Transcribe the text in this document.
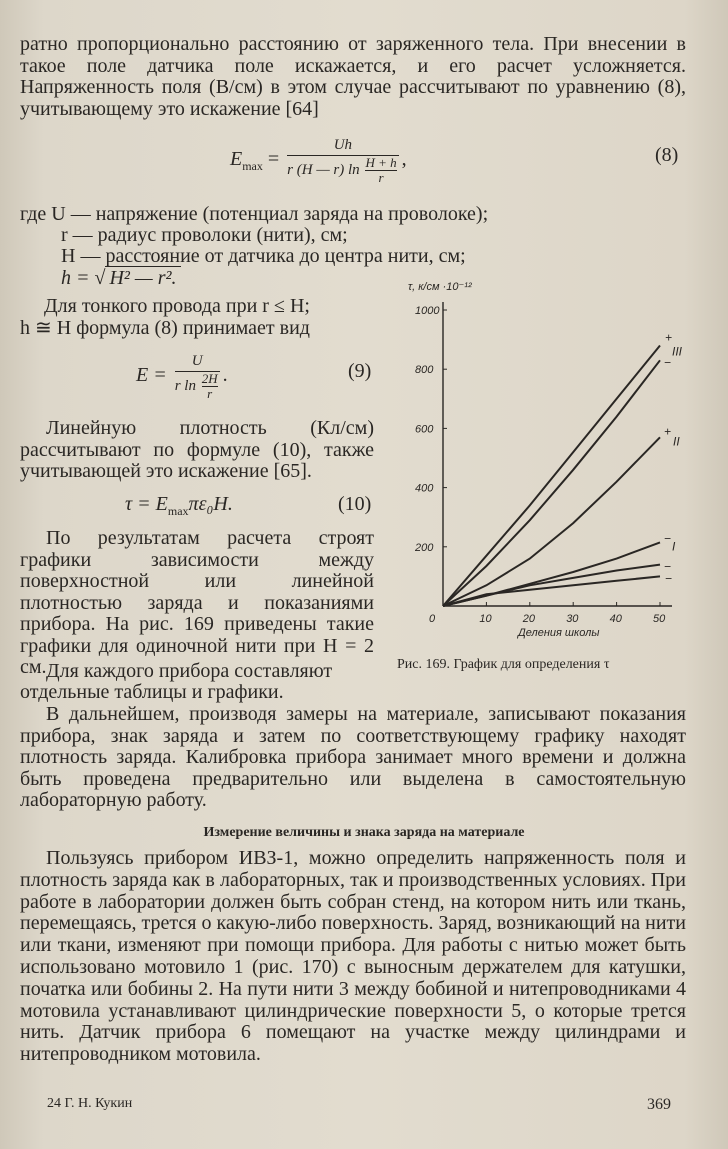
ратно пропорционально расстоянию от заряженного тела. При внесении в такое поле датчика поле искажается, и его расчет усложняется. Напряженность поля (В/см) в этом случае рассчитывают по уравнению (8), учитывающему это искажение [64]
$E_{max} = \frac{Uh}{r (H — r) \ln \frac{H + h}{r}}$ ,	(8)
где U — напряжение (потенциал заряда на проволоке);
r — радиус проволоки (нити), см;
H — расстояние от датчика до центра нити, см;
h = √ H² — r².
Для тонкого провода при r ≤ H;
h ≅ H формула (8) принимает вид
$E = \frac{U}{r \ln \frac{2H}{r}}$ .	(9)
Линейную плотность (Кл/см) рассчитывают по формуле (10), также учитывающей это искажение [65].
$\tau = E_{max}\pi\varepsilon_0H$.	(10)
По результатам расчета строят графики зависимости между поверхностной или линейной плотностью заряда и показаниями прибора. На рис. 169 приведены такие графики для одиночной нити при H = 2 см. Для каждого прибора составляют
отдельные таблицы и графики.
0	10	20	30	40	50
200
400
600
800
1000
τ, к/см ·10⁻¹²
Деления школы
+
III
−
+
II
−
−
I
−
Рис. 169. График для определения τ
В дальнейшем, производя замеры на материале, записывают показания прибора, знак заряда и затем по соответствующему графику находят плотность заряда. Калибровка прибора занимает много времени и должна быть проведена предварительно или выделена в самостоятельную лабораторную работу.
Измерение величины и знака заряда на материале
Пользуясь прибором ИВЗ-1, можно определить напряженность поля и плотность заряда как в лабораторных, так и производственных условиях. При работе в лаборатории должен быть собран стенд, на котором нить или ткань, перемещаясь, трется о какую-либо поверхность. Заряд, возникающий на нити или ткани, изменяют при помощи прибора. Для работы с нитью может быть использовано мотовило 1 (рис. 170) с выносным держателем для катушки, початка или бобины 2. На пути нити 3 между бобиной и нитепроводниками 4 мотовила устанавливают цилиндрические поверхности 5, о которые трется нить. Датчик прибора 6 помещают на участке между цилиндрами и нитепроводником мотовила.
24 Г. Н. Кукин	369
